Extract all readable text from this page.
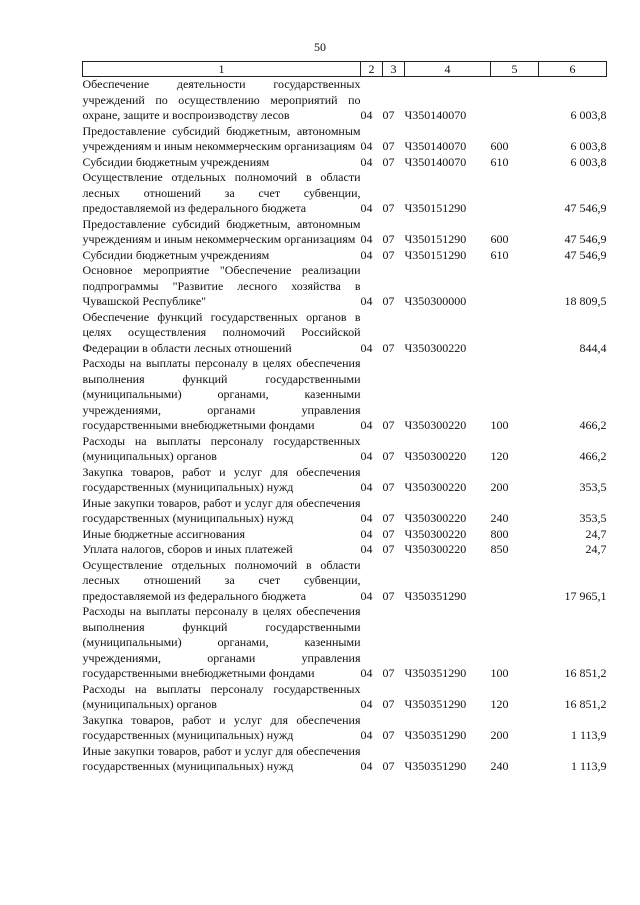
50
1	2	3	4	5	6
Обеспечение деятельности государственных учреждений по осуществлению мероприятий по охране, защите и воспроизводству лесов	04	07	Ч350140070		6 003,8
Предоставление субсидий бюджетным, автономным учреждениям и иным некоммерческим организациям	04	07	Ч350140070	600	6 003,8
Субсидии бюджетным учреждениям	04	07	Ч350140070	610	6 003,8
Осуществление отдельных полномочий в области лесных отношений за счет субвенции, предоставляемой из федерального бюджета	04	07	Ч350151290		47 546,9
Предоставление субсидий бюджетным, автономным учреждениям и иным некоммерческим организациям	04	07	Ч350151290	600	47 546,9
Субсидии бюджетным учреждениям	04	07	Ч350151290	610	47 546,9
Основное мероприятие "Обеспечение реализации подпрограммы "Развитие лесного хозяйства в Чувашской Республике"	04	07	Ч350300000		18 809,5
Обеспечение функций государственных органов в целях осуществления полномочий Российской Федерации в области лесных отношений	04	07	Ч350300220		844,4
Расходы на выплаты персоналу в целях обеспечения выполнения функций государственными (муниципальными) органами, казенными учреждениями, органами управления государственными внебюджетными фондами	04	07	Ч350300220	100	466,2
Расходы на выплаты персоналу государственных (муниципальных) органов	04	07	Ч350300220	120	466,2
Закупка товаров, работ и услуг для обеспечения государственных (муниципальных) нужд	04	07	Ч350300220	200	353,5
Иные закупки товаров, работ и услуг для обеспечения государственных (муниципальных) нужд	04	07	Ч350300220	240	353,5
Иные бюджетные ассигнования	04	07	Ч350300220	800	24,7
Уплата налогов, сборов и иных платежей	04	07	Ч350300220	850	24,7
Осуществление отдельных полномочий в области лесных отношений за счет субвенции, предоставляемой из федерального бюджета	04	07	Ч350351290		17 965,1
Расходы на выплаты персоналу в целях обеспечения выполнения функций государственными (муниципальными) органами, казенными учреждениями, органами управления государственными внебюджетными фондами	04	07	Ч350351290	100	16 851,2
Расходы на выплаты персоналу государственных (муниципальных) органов	04	07	Ч350351290	120	16 851,2
Закупка товаров, работ и услуг для обеспечения государственных (муниципальных) нужд	04	07	Ч350351290	200	1 113,9
Иные закупки товаров, работ и услуг для обеспечения государственных (муниципальных) нужд	04	07	Ч350351290	240	1 113,9
